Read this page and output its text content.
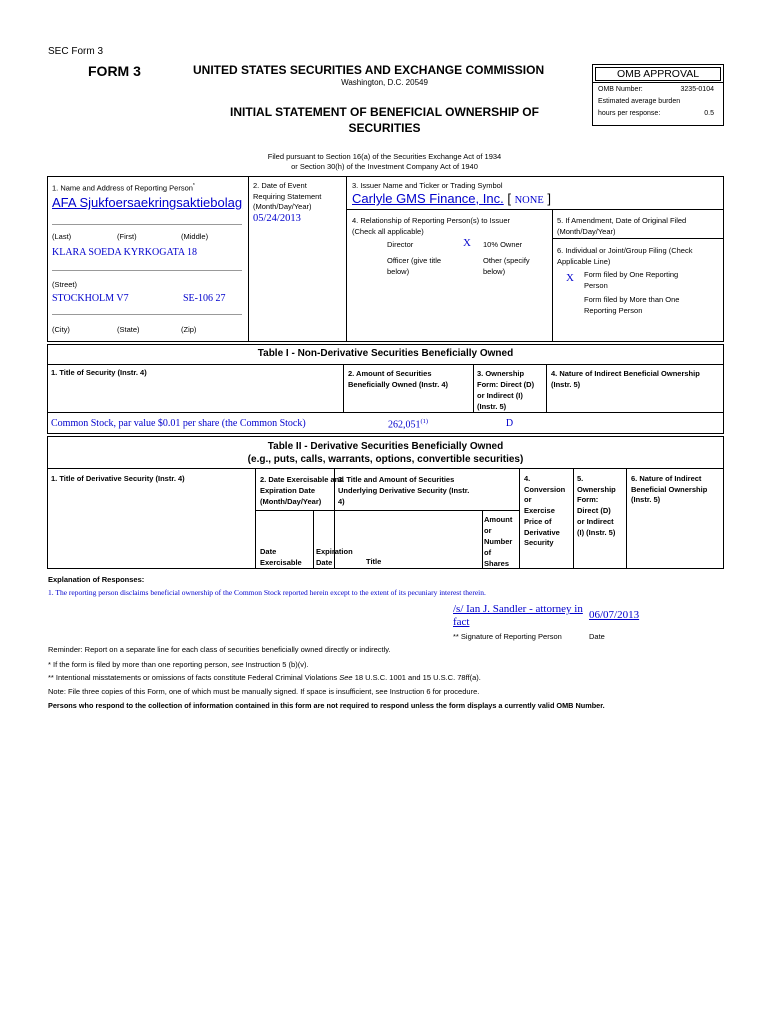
SEC Form 3
FORM 3	UNITED STATES SECURITIES AND EXCHANGE COMMISSION
Washington, D.C. 20549
INITIAL STATEMENT OF BENEFICIAL OWNERSHIP OF
SECURITIES
OMB APPROVAL
OMB Number:	3235-0104
Estimated average burden
hours per response:	0.5
Filed pursuant to Section 16(a) of the Securities Exchange Act of 1934
or Section 30(h) of the Investment Company Act of 1940
1. Name and Address of Reporting Person*
AFA Sjukfoersaekringsaktiebolag
(Last)	(First)	(Middle)
KLARA SOEDA KYRKOGATA 18
(Street)
STOCKHOLM V7	SE-106 27
(City)	(State)	(Zip)
2. Date of Event
Requiring Statement
(Month/Day/Year)
05/24/2013
3. Issuer Name and Ticker or Trading Symbol
Carlyle GMS Finance, Inc. [ NONE ]
4. Relationship of Reporting Person(s) to Issuer
(Check all applicable)
Director	X 10% Owner
Officer (give title
below)
Other (specify
below)
5. If Amendment, Date of Original Filed
(Month/Day/Year)
6. Individual or Joint/Group Filing (Check
Applicable Line)
X Form filed by One Reporting
Person
Form filed by More than One
Reporting Person
Table I - Non-Derivative Securities Beneficially Owned
1. Title of Security (Instr. 4)	2. Amount of Securities
Beneficially Owned (Instr. 4)
3. Ownership
Form: Direct (D)
or Indirect (I)
(Instr. 5)
4. Nature of Indirect Beneficial Ownership
(Instr. 5)
Common Stock, par value $0.01 per share (the Common Stock)	262,051$^{(1)}$	D
Table II - Derivative Securities Beneficially Owned
(e.g., puts, calls, warrants, options, convertible securities)
1. Title of Derivative Security (Instr. 4)	2. Date Exercisable and
Expiration Date
(Month/Day/Year)
Date
Exercisable
Expiration
Date
3. Title and Amount of Securities
Underlying Derivative Security (Instr.
4)
Title
Amount
or
Number
of
Shares
4.
Conversion
or
Exercise
Price of
Derivative
Security
5.
Ownership
Form:
Direct (D)
or Indirect
(I) (Instr. 5)
6. Nature of Indirect
Beneficial Ownership
(Instr. 5)
Explanation of Responses:
1. The reporting person disclaims beneficial ownership of the Common Stock reported herein except to the extent of its pecuniary interest therein.
/s/ Ian J. Sandler - attorney in
fact
06/07/2013
** Signature of Reporting Person	Date
Reminder: Report on a separate line for each class of securities beneficially owned directly or indirectly.
* If the form is filed by more than one reporting person, see Instruction 5 (b)(v).
** Intentional misstatements or omissions of facts constitute Federal Criminal Violations See 18 U.S.C. 1001 and 15 U.S.C. 78ff(a).
Note: File three copies of this Form, one of which must be manually signed. If space is insufficient, see Instruction 6 for procedure.
Persons who respond to the collection of information contained in this form are not required to respond unless the form displays a currently valid OMB Number.
